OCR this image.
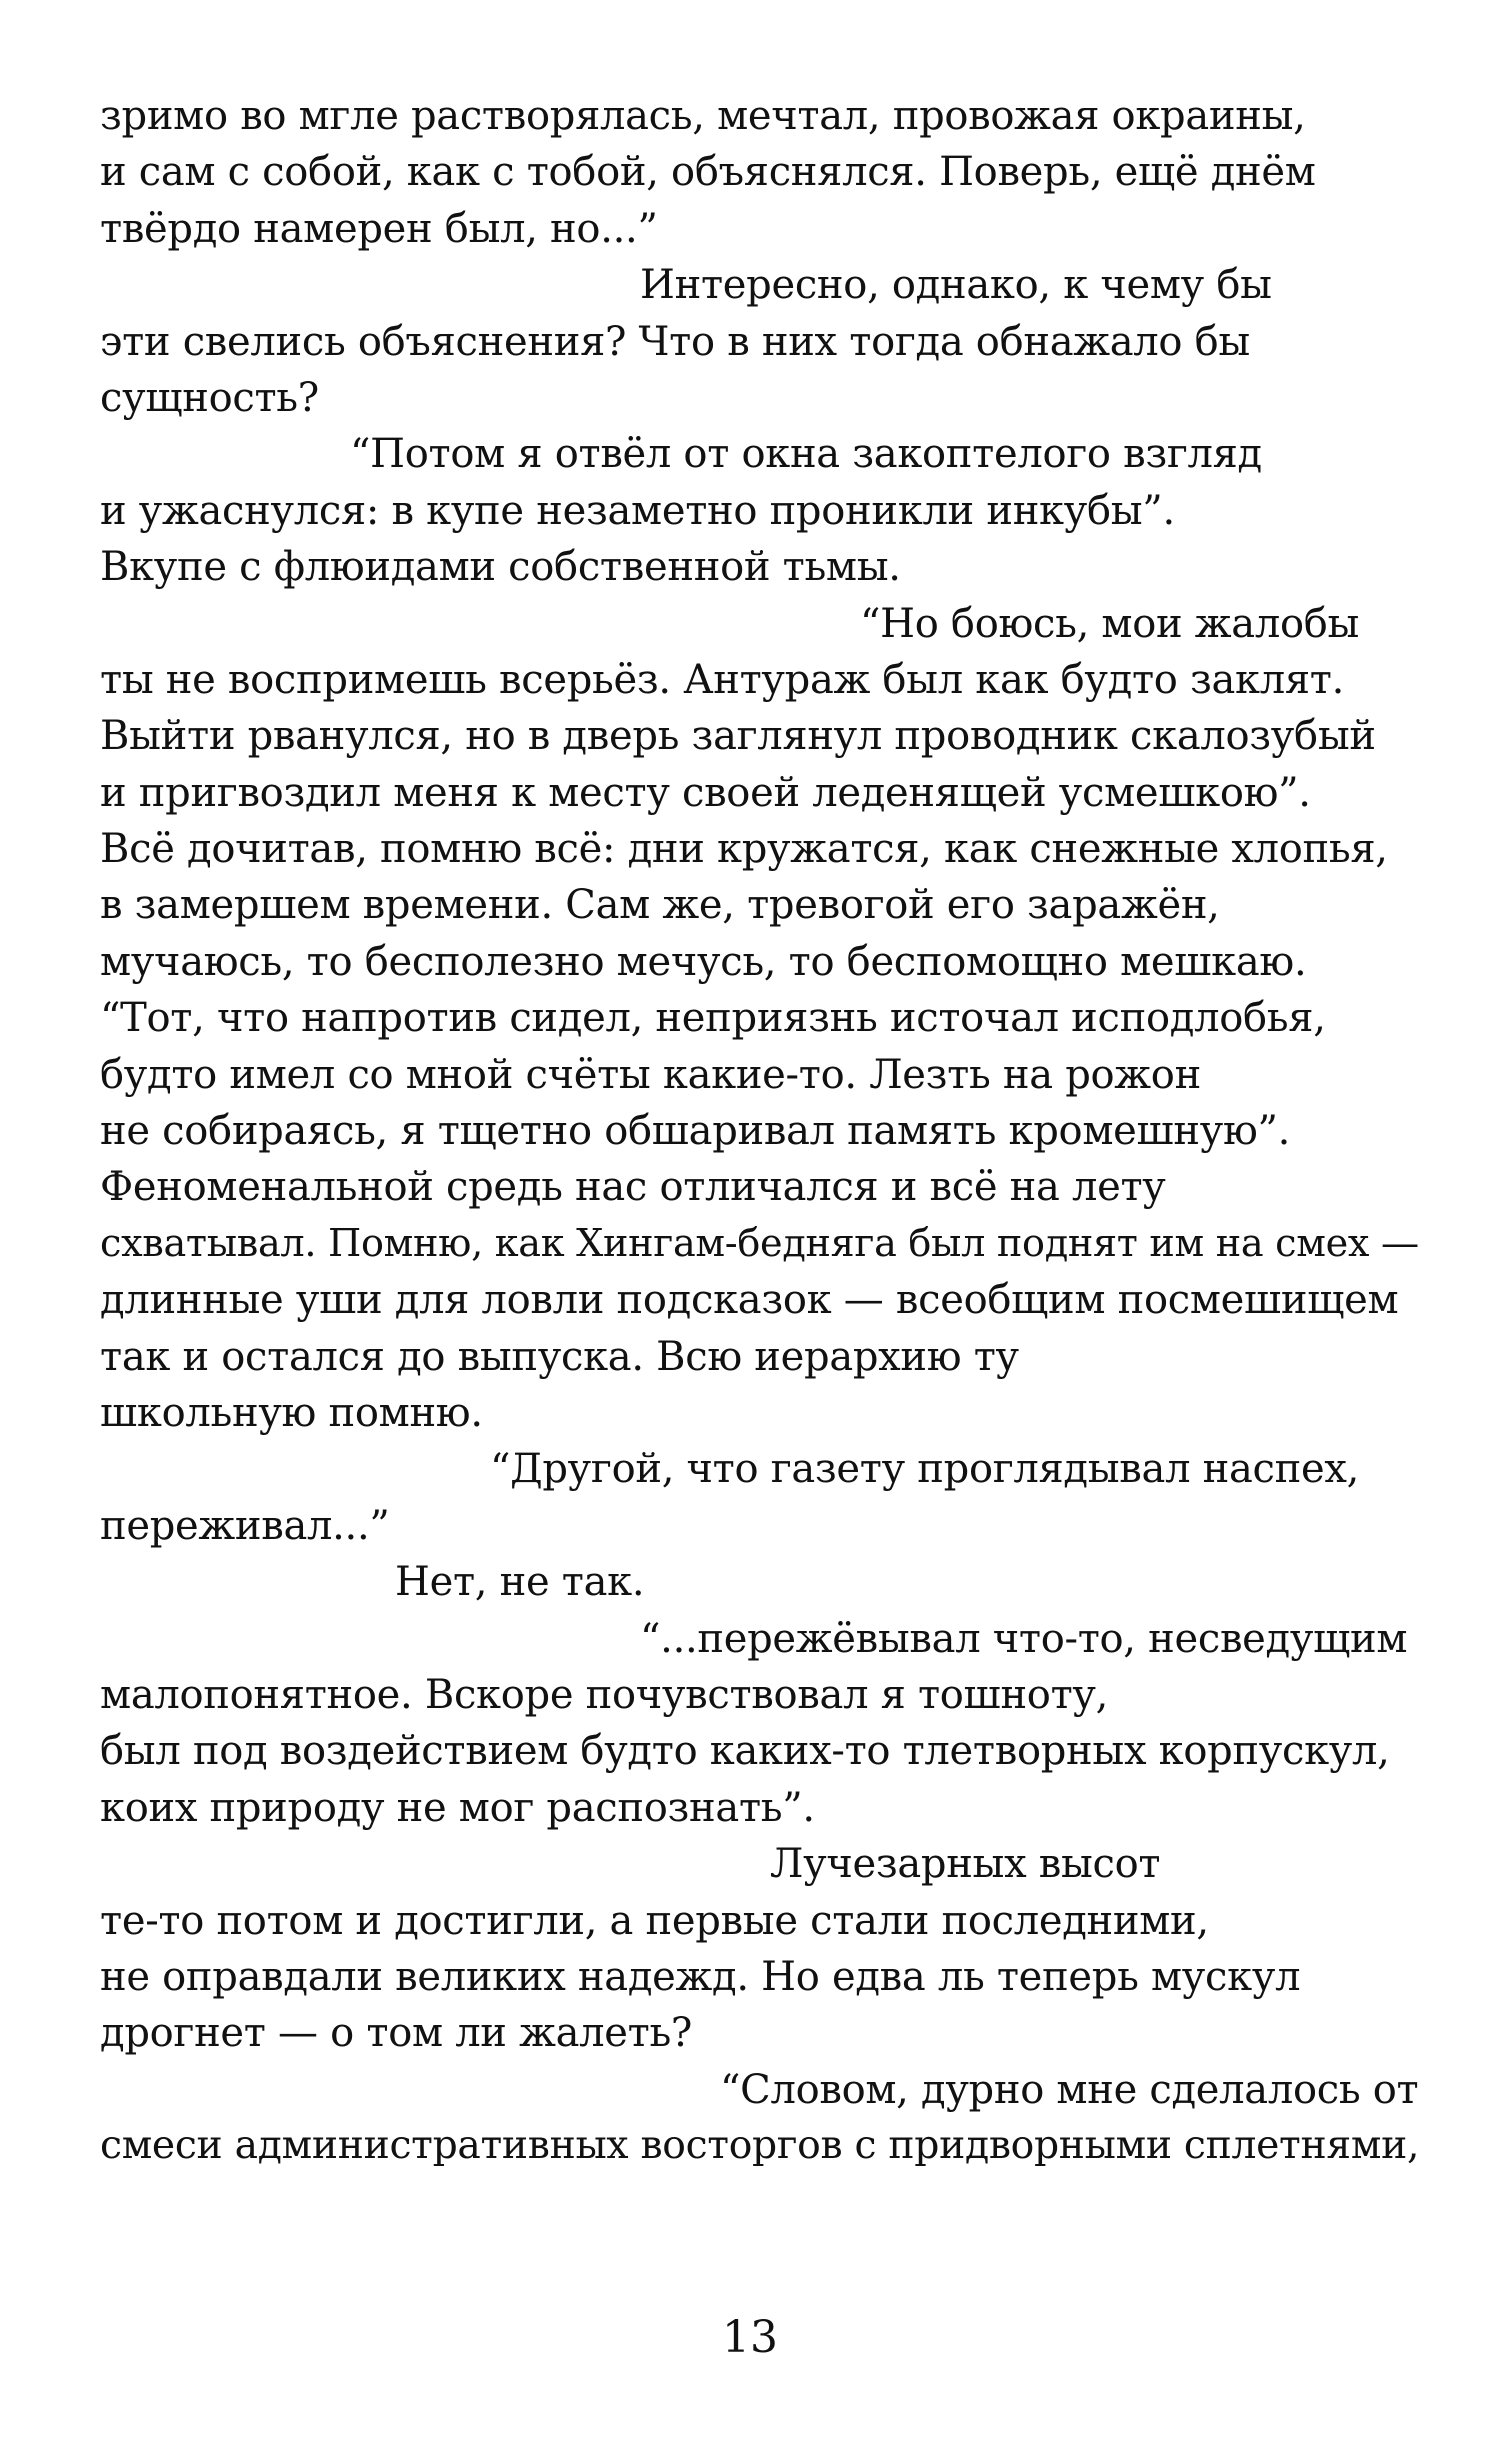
зримо во мгле растворялась, мечтал, провожая окраины,
и сам с собой, как с тобой, объяснялся. Поверь, ещё днём
твёрдо намерен был, но...”
Интересно, однако, к чему бы
эти свелись объяснения? Что в них тогда обнажало бы
сущность?
“Потом я отвёл от окна закоптелого взгляд
и ужаснулся: в купе незаметно проникли инкубы”.
Вкупе с флюидами собственной тьмы.
“Но боюсь, мои жалобы
ты не воспримешь всерьёз. Антураж был как будто заклят.
Выйти рванулся, но в дверь заглянул проводник скалозубый
и пригвоздил меня к месту своей леденящей усмешкою”.
Всё дочитав, помню всё: дни кружатся, как снежные хлопья,
в замершем времени. Сам же, тревогой его заражён,
мучаюсь, то бесполезно мечусь, то беспомощно мешкаю.
“Тот, что напротив сидел, неприязнь источал исподлобья,
будто имел со мной счёты какие-то. Лезть на рожон
не собираясь, я тщетно обшаривал память кромешную”.
Феноменальной средь нас отличался и всё на лету
схватывал. Помню, как Хингам-бедняга был поднят им на смех —
длинные уши для ловли подсказок — всеобщим посмешищем
так и остался до выпуска. Всю иерархию ту
школьную помню.
“Другой, что газету проглядывал наспех,
переживал...”
Нет, не так.
“...пережёвывал что-то, несведущим
малопонятное. Вскоре почувствовал я тошноту,
был под воздействием будто каких-то тлетворных корпускул,
коих природу не мог распознать”.
Лучезарных высот
те-то потом и достигли, а первые стали последними,
не оправдали великих надежд. Но едва ль теперь мускул
дрогнет — о том ли жалеть?
“Словом, дурно мне сделалось от
смеси административных восторгов с придворными сплетнями,
13
